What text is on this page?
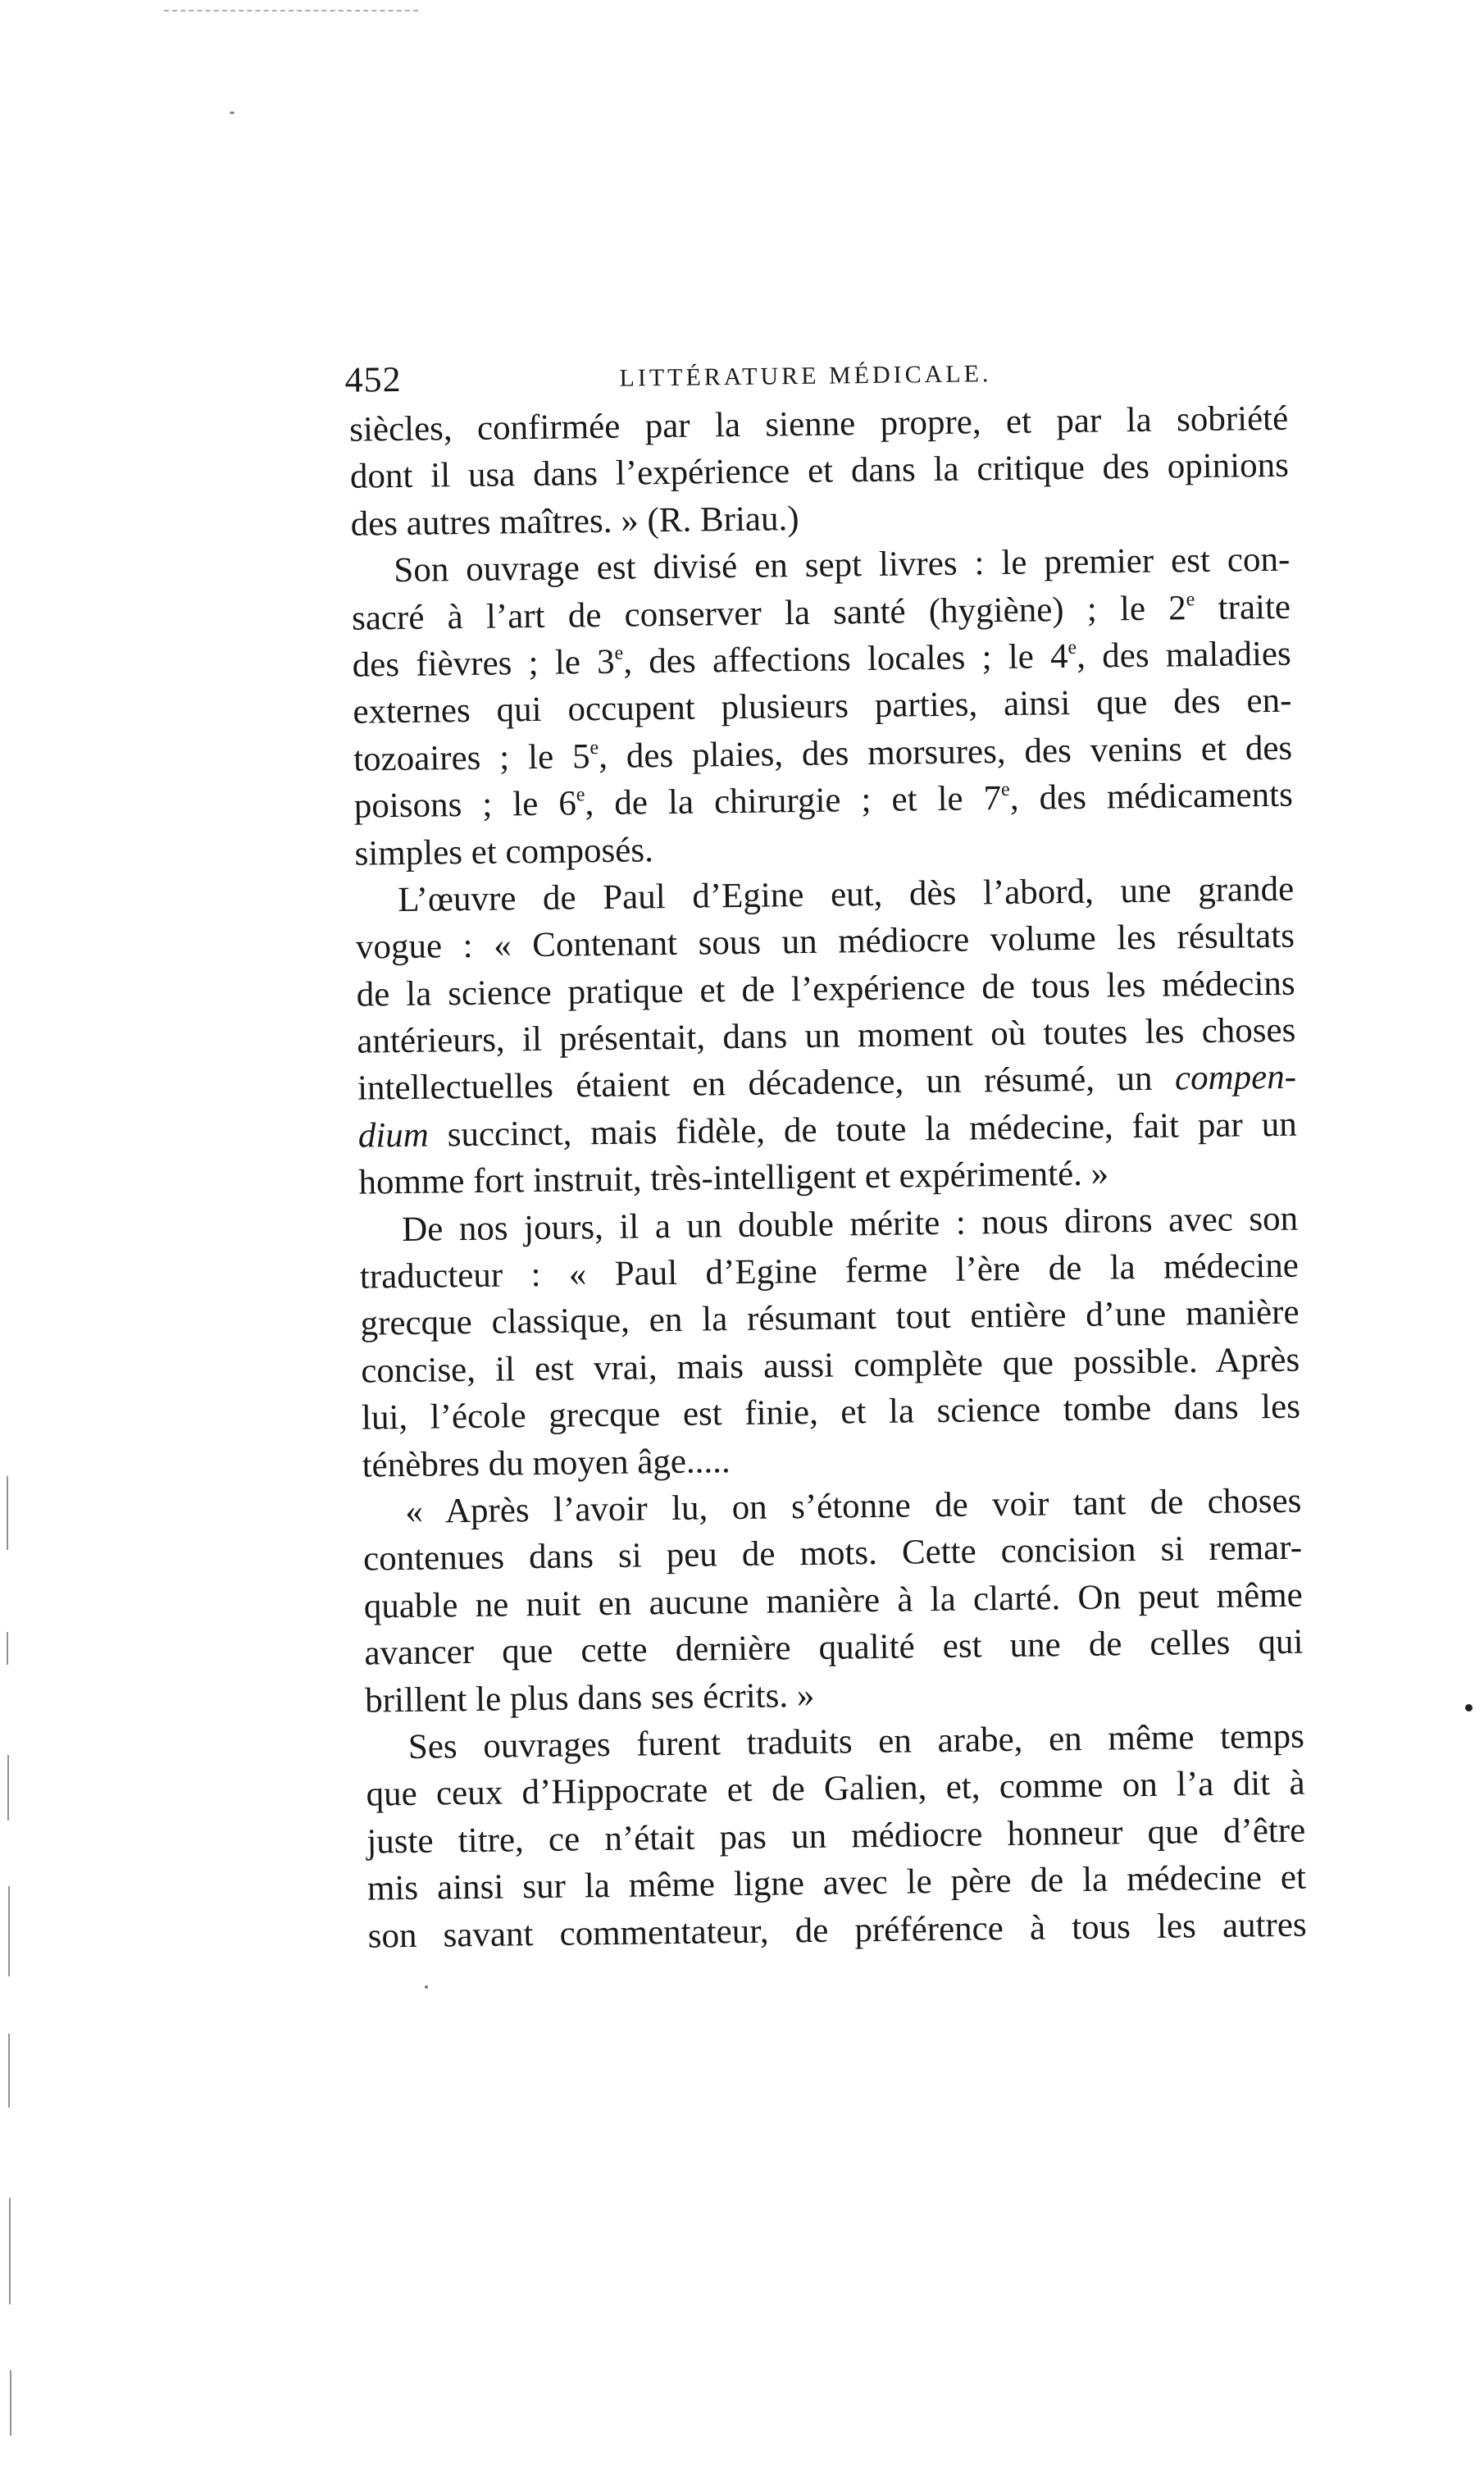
452	LITTÉRATURE MÉDICALE.
siècles, confirmée par la sienne propre, et par la sobriété
dont il usa dans l’expérience et dans la critique des opinions
des autres maîtres. » (R. Briau.)
Son ouvrage est divisé en sept livres : le premier est con-
sacré à l’art de conserver la santé (hygiène) ; le 2e traite
des fièvres ; le 3e, des affections locales ; le 4e, des maladies
externes qui occupent plusieurs parties, ainsi que des en-
tozoaires ; le 5e, des plaies, des morsures, des venins et des
poisons ; le 6e, de la chirurgie ; et le 7e, des médicaments
simples et composés.
L’œuvre de Paul d’Egine eut, dès l’abord, une grande
vogue : « Contenant sous un médiocre volume les résultats
de la science pratique et de l’expérience de tous les médecins
antérieurs, il présentait, dans un moment où toutes les choses
intellectuelles étaient en décadence, un résumé, un compen-
dium succinct, mais fidèle, de toute la médecine, fait par un
homme fort instruit, très-intelligent et expérimenté. »
De nos jours, il a un double mérite : nous dirons avec son
traducteur : « Paul d’Egine ferme l’ère de la médecine
grecque classique, en la résumant tout entière d’une manière
concise, il est vrai, mais aussi complète que possible. Après
lui, l’école grecque est finie, et la science tombe dans les
ténèbres du moyen âge.....
« Après l’avoir lu, on s’étonne de voir tant de choses
contenues dans si peu de mots. Cette concision si remar-
quable ne nuit en aucune manière à la clarté. On peut même
avancer que cette dernière qualité est une de celles qui
brillent le plus dans ses écrits. »
Ses ouvrages furent traduits en arabe, en même temps
que ceux d’Hippocrate et de Galien, et, comme on l’a dit à
juste titre, ce n’était pas un médiocre honneur que d’être
mis ainsi sur la même ligne avec le père de la médecine et
son savant commentateur, de préférence à tous les autres
